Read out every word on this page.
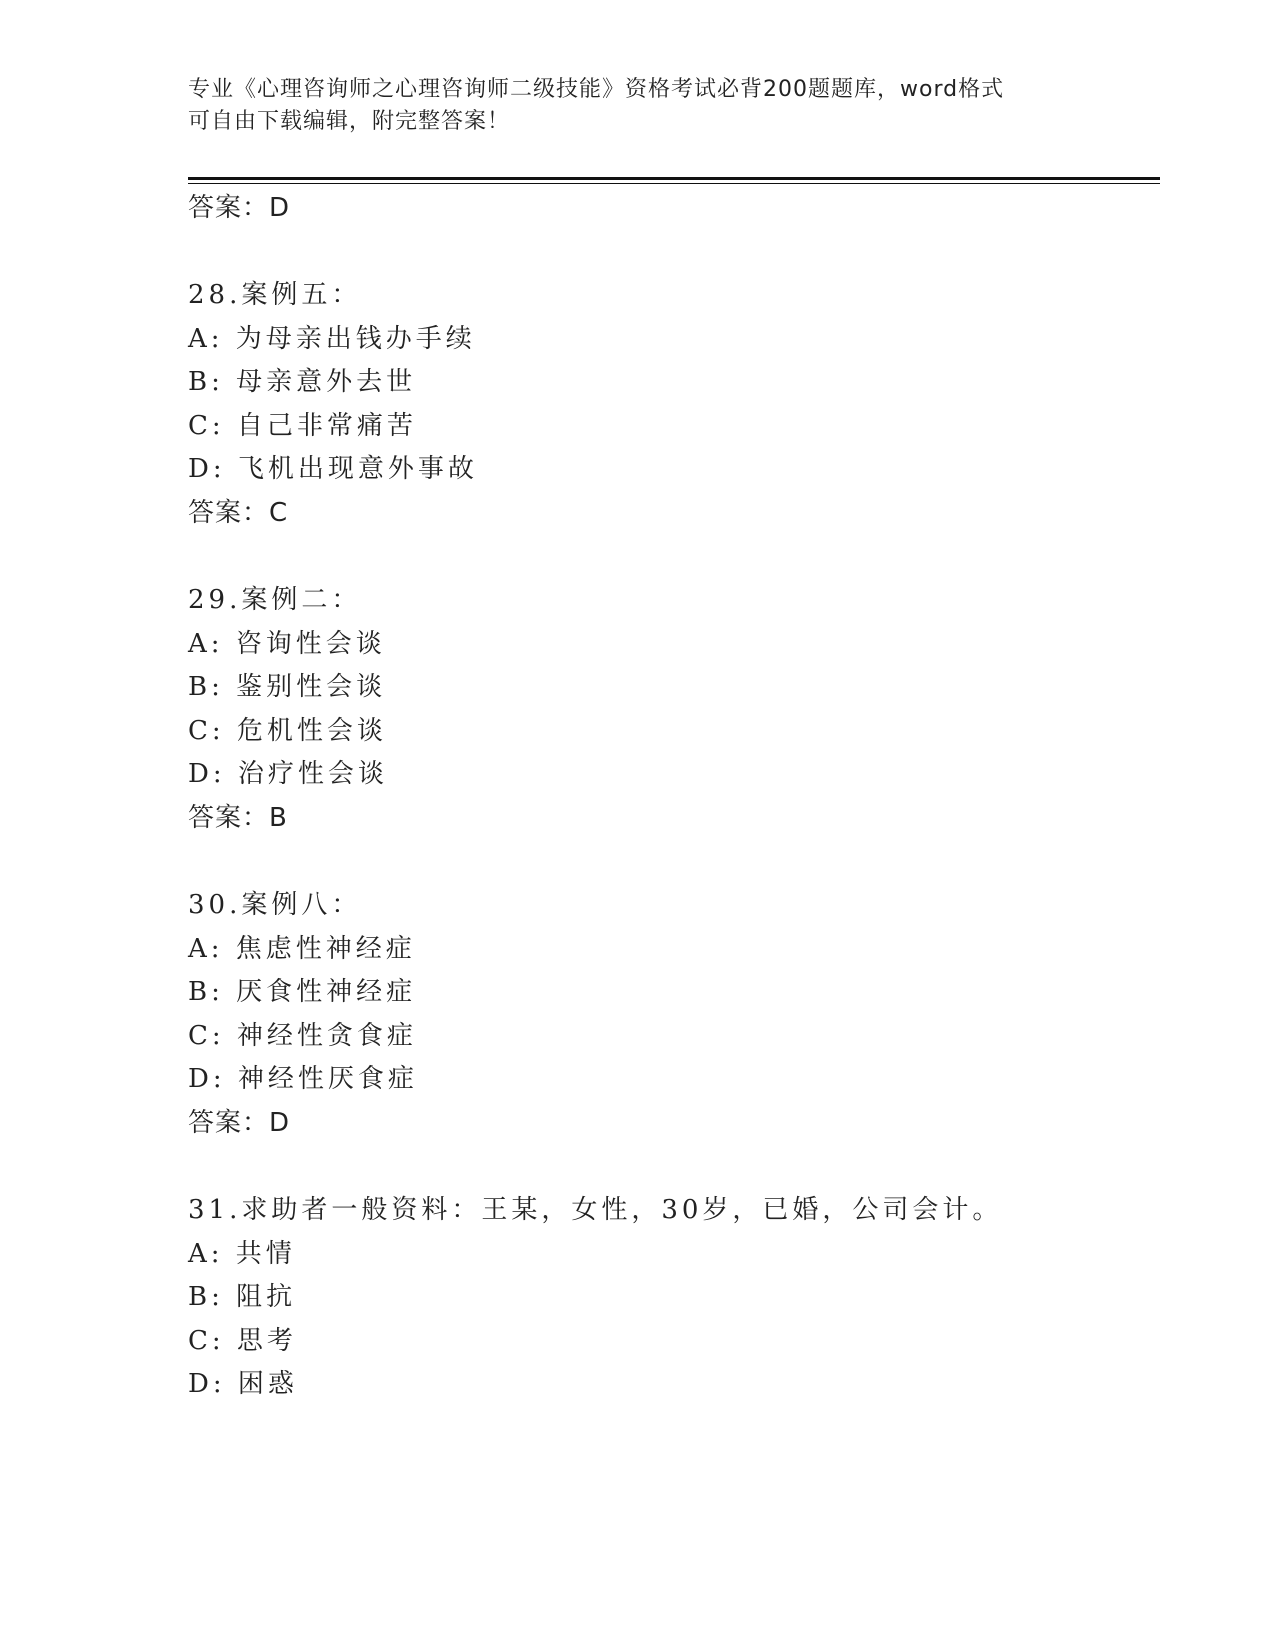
专业《心理咨询师之心理咨询师二级技能》资格考试必背200题题库，word格式
可自由下载编辑，附完整答案！
答案：D
28.案例五：
A: 为母亲出钱办手续
B: 母亲意外去世
C: 自己非常痛苦
D: 飞机出现意外事故
答案：C
29.案例二：
A: 咨询性会谈
B: 鉴别性会谈
C: 危机性会谈
D: 治疗性会谈
答案：B
30.案例八：
A: 焦虑性神经症
B: 厌食性神经症
C: 神经性贪食症
D: 神经性厌食症
答案：D
31.求助者一般资料：王某，女性，30岁，已婚，公司会计。
A: 共情
B: 阻抗
C: 思考
D: 困惑
